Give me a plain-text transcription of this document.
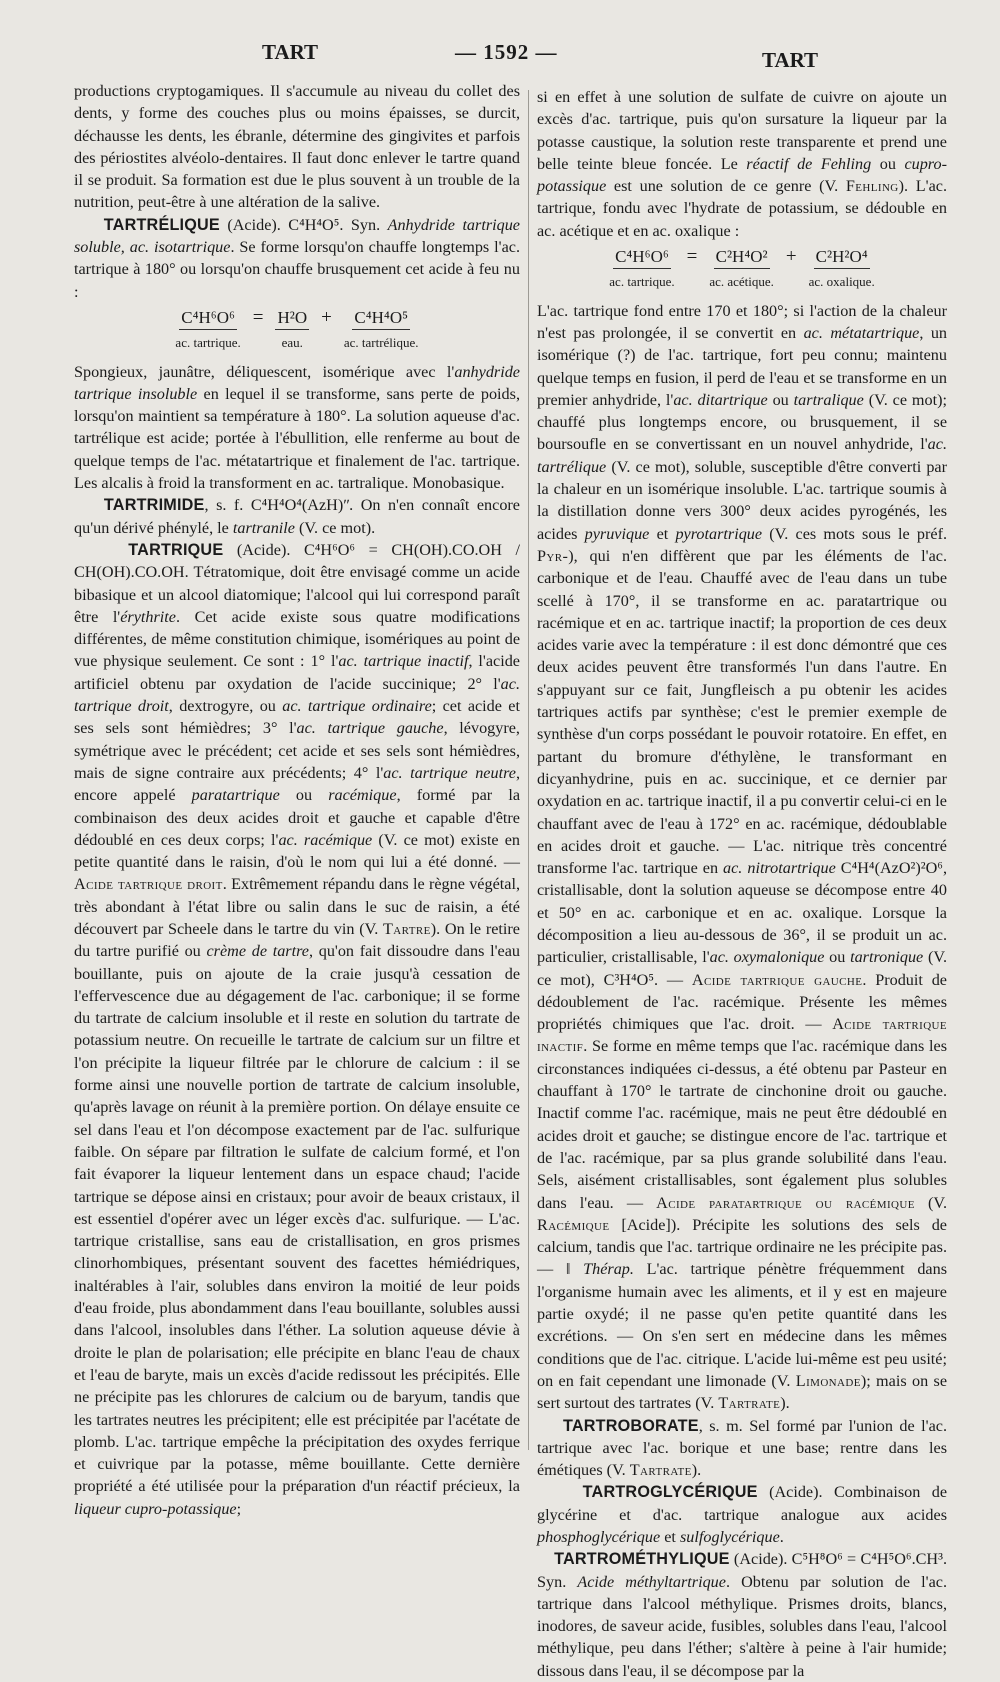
TART	— 1592 —	TART

productions cryptogamiques. Il s'accumule au niveau du collet des dents, y forme des couches plus ou moins épaisses, se durcit, déchausse les dents, les ébranle, détermine des gingivites et parfois des périostites alvéolo-dentaires. Il faut donc enlever le tartre quand il se produit. Sa formation est due le plus souvent à un trouble de la nutrition, peut-être à une altération de la salive.

TARTRÉLIQUE (Acide). C⁴H⁴O⁵. Syn. Anhydride tartrique soluble, ac. isotartrique. Se forme lorsqu'on chauffe longtemps l'ac. tartrique à 180° ou lorsqu'on chauffe brusquement cet acide à feu nu :

C⁴H⁶O⁶
ac. tartrique.
= H²O
eau.
+ C⁴H⁴O⁵
ac. tartrélique.

Spongieux, jaunâtre, déliquescent, isomérique avec l'anhydride tartrique insoluble en lequel il se transforme, sans perte de poids, lorsqu'on maintient sa température à 180°. La solution aqueuse d'ac. tartrélique est acide; portée à l'ébullition, elle renferme au bout de quelque temps de l'ac. métatartrique et finalement de l'ac. tartrique. Les alcalis à froid la transforment en ac. tartralique. Monobasique.

TARTRIMIDE, s. f. C⁴H⁴O⁴(AzH)ʺ. On n'en connaît encore qu'un dérivé phénylé, le tartranile (V. ce mot).

TARTRIQUE (Acide). C⁴H⁶O⁶ = CH(OH).CO.OH / CH(OH).CO.OH. Tétratomique, doit être envisagé comme un acide bibasique et un alcool diatomique; l'alcool qui lui correspond paraît être l'érythrite. Cet acide existe sous quatre modifications différentes, de même constitution chimique, isomériques au point de vue physique seulement. Ce sont : 1° l'ac. tartrique inactif, l'acide artificiel obtenu par oxydation de l'acide succinique; 2° l'ac. tartrique droit, dextrogyre, ou ac. tartrique ordinaire; cet acide et ses sels sont hémièdres; 3° l'ac. tartrique gauche, lévogyre, symétrique avec le précédent; cet acide et ses sels sont hémièdres, mais de signe contraire aux précédents; 4° l'ac. tartrique neutre, encore appelé paratartrique ou racémique, formé par la combinaison des deux acides droit et gauche et capable d'être dédoublé en ces deux corps; l'ac. racémique (V. ce mot) existe en petite quantité dans le raisin, d'où le nom qui lui a été donné. — Acide tartrique droit. Extrêmement répandu dans le règne végétal, très abondant à l'état libre ou salin dans le suc de raisin, a été découvert par Scheele dans le tartre du vin (V. Tartre). On le retire du tartre purifié ou crème de tartre, qu'on fait dissoudre dans l'eau bouillante, puis on ajoute de la craie jusqu'à cessation de l'effervescence due au dégagement de l'ac. carbonique; il se forme du tartrate de calcium insoluble et il reste en solution du tartrate de potassium neutre. On recueille le tartrate de calcium sur un filtre et l'on précipite la liqueur filtrée par le chlorure de calcium : il se forme ainsi une nouvelle portion de tartrate de calcium insoluble, qu'après lavage on réunit à la première portion. On délaye ensuite ce sel dans l'eau et l'on décompose exactement par de l'ac. sulfurique faible. On sépare par filtration le sulfate de calcium formé, et l'on fait évaporer la liqueur lentement dans un espace chaud; l'acide tartrique se dépose ainsi en cristaux; pour avoir de beaux cristaux, il est essentiel d'opérer avec un léger excès d'ac. sulfurique. — L'ac. tartrique cristallise, sans eau de cristallisation, en gros prismes clinorhombiques, présentant souvent des facettes hémiédriques, inaltérables à l'air, solubles dans environ la moitié de leur poids d'eau froide, plus abondamment dans l'eau bouillante, solubles aussi dans l'alcool, insolubles dans l'éther. La solution aqueuse dévie à droite le plan de polarisation; elle précipite en blanc l'eau de chaux et l'eau de baryte, mais un excès d'acide redissout les précipités. Elle ne précipite pas les chlorures de calcium ou de baryum, tandis que les tartrates neutres les précipitent; elle est précipitée par l'acétate de plomb. L'ac. tartrique empêche la précipitation des oxydes ferrique et cuivrique par la potasse, même bouillante. Cette dernière propriété a été utilisée pour la préparation d'un réactif précieux, la liqueur cupro-potassique;

si en effet à une solution de sulfate de cuivre on ajoute un excès d'ac. tartrique, puis qu'on sursature la liqueur par la potasse caustique, la solution reste transparente et prend une belle teinte bleue foncée. Le réactif de Fehling ou cupro-potassique est une solution de ce genre (V. Fehling). L'ac. tartrique, fondu avec l'hydrate de potassium, se dédouble en ac. acétique et en ac. oxalique :

C⁴H⁶O⁶
ac. tartrique.
= C²H⁴O²
ac. acétique.
+ C²H²O⁴
ac. oxalique.

L'ac. tartrique fond entre 170 et 180°; si l'action de la chaleur n'est pas prolongée, il se convertit en ac. métatartrique, un isomérique (?) de l'ac. tartrique, fort peu connu; maintenu quelque temps en fusion, il perd de l'eau et se transforme en un premier anhydride, l'ac. ditartrique ou tartralique (V. ce mot); chauffé plus longtemps encore, ou brusquement, il se boursoufle en se convertissant en un nouvel anhydride, l'ac. tartrélique (V. ce mot), soluble, susceptible d'être converti par la chaleur en un isomérique insoluble. L'ac. tartrique soumis à la distillation donne vers 300° deux acides pyrogénés, les acides pyruvique et pyrotartrique (V. ces mots sous le préf. Pyr-), qui n'en diffèrent que par les éléments de l'ac. carbonique et de l'eau. Chauffé avec de l'eau dans un tube scellé à 170°, il se transforme en ac. paratartrique ou racémique et en ac. tartrique inactif; la proportion de ces deux acides varie avec la température : il est donc démontré que ces deux acides peuvent être transformés l'un dans l'autre. En s'appuyant sur ce fait, Jungfleisch a pu obtenir les acides tartriques actifs par synthèse; c'est le premier exemple de synthèse d'un corps possédant le pouvoir rotatoire. En effet, en partant du bromure d'éthylène, le transformant en dicyanhydrine, puis en ac. succinique, et ce dernier par oxydation en ac. tartrique inactif, il a pu convertir celui-ci en le chauffant avec de l'eau à 172° en ac. racémique, dédoublable en acides droit et gauche. — L'ac. nitrique très concentré transforme l'ac. tartrique en ac. nitrotartrique C⁴H⁴(AzO²)²O⁶, cristallisable, dont la solution aqueuse se décompose entre 40 et 50° en ac. carbonique et en ac. oxalique. Lorsque la décomposition a lieu au-dessous de 36°, il se produit un ac. particulier, cristallisable, l'ac. oxymalonique ou tartronique (V. ce mot), C³H⁴O⁵. — Acide tartrique gauche. Produit de dédoublement de l'ac. racémique. Présente les mêmes propriétés chimiques que l'ac. droit. — Acide tartrique inactif. Se forme en même temps que l'ac. racémique dans les circonstances indiquées ci-dessus, a été obtenu par Pasteur en chauffant à 170° le tartrate de cinchonine droit ou gauche. Inactif comme l'ac. racémique, mais ne peut être dédoublé en acides droit et gauche; se distingue encore de l'ac. tartrique et de l'ac. racémique, par sa plus grande solubilité dans l'eau. Sels, aisément cristallisables, sont également plus solubles dans l'eau. — Acide paratartrique ou racémique (V. Racémique [Acide]). Précipite les solutions des sels de calcium, tandis que l'ac. tartrique ordinaire ne les précipite pas. — ǁ Thérap. L'ac. tartrique pénètre fréquemment dans l'organisme humain avec les aliments, et il y est en majeure partie oxydé; il ne passe qu'en petite quantité dans les excrétions. — On s'en sert en médecine dans les mêmes conditions que de l'ac. citrique. L'acide lui-même est peu usité; on en fait cependant une limonade (V. Limonade); mais on se sert surtout des tartrates (V. Tartrate).

TARTROBORATE, s. m. Sel formé par l'union de l'ac. tartrique avec l'ac. borique et une base; rentre dans les émétiques (V. Tartrate).

TARTROGLYCÉRIQUE (Acide). Combinaison de glycérine et d'ac. tartrique analogue aux acides phosphoglycérique et sulfoglycérique.

TARTROMÉTHYLIQUE (Acide). C⁵H⁸O⁶ = C⁴H⁵O⁶.CH³. Syn. Acide méthyltartrique. Obtenu par solution de l'ac. tartrique dans l'alcool méthylique. Prismes droits, blancs, inodores, de saveur acide, fusibles, solubles dans l'eau, l'alcool méthylique, peu dans l'éther; s'altère à peine à l'air humide; dissous dans l'eau, il se décompose par la
